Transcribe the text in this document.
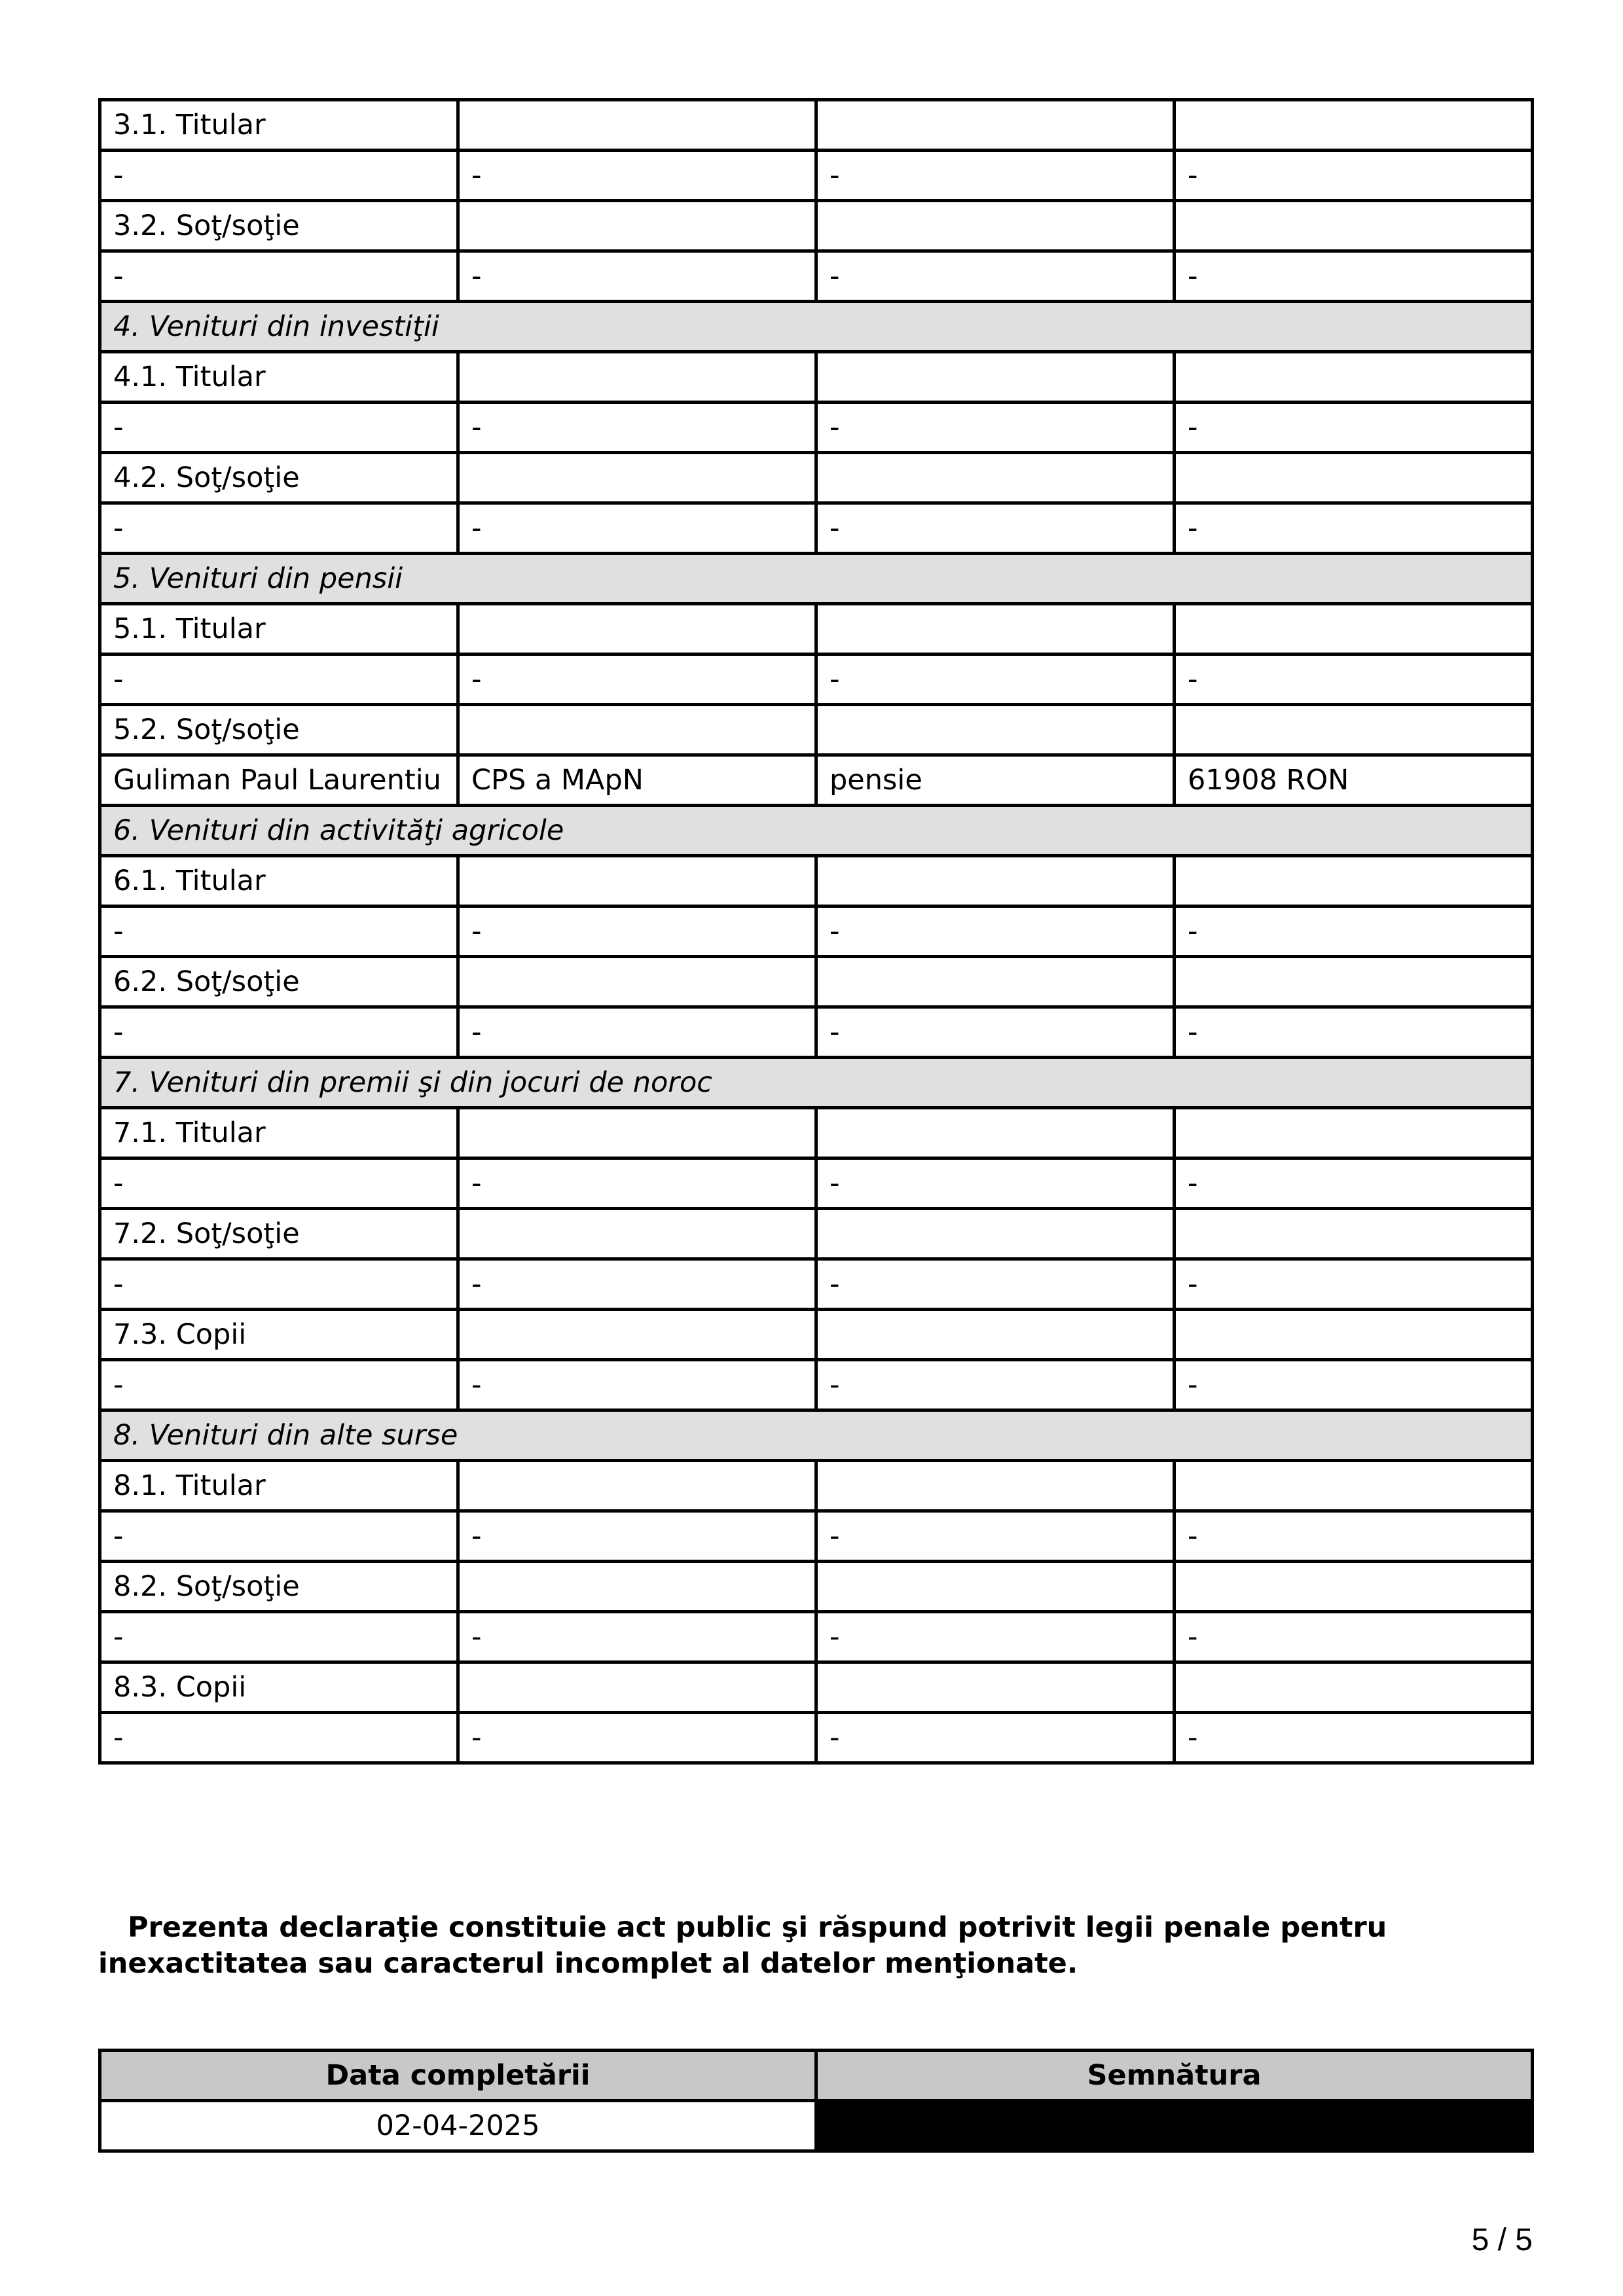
3.1. Titular			
-	-	-	-
3.2. Soţ/soţie			
-	-	-	-
4. Venituri din investiţii			
4.1. Titular			
-	-	-	-
4.2. Soţ/soţie			
-	-	-	-
5. Venituri din pensii			
5.1. Titular			
-	-	-	-
5.2. Soţ/soţie			
Guliman Paul Laurentiu	CPS a MApN	pensie	61908 RON
6. Venituri din activităţi agricole			
6.1. Titular			
-	-	-	-
6.2. Soţ/soţie			
-	-	-	-
7. Venituri din premii şi din jocuri de noroc			
7.1. Titular			
-	-	-	-
7.2. Soţ/soţie			
-	-	-	-
7.3. Copii			
-	-	-	-
8. Venituri din alte surse			
8.1. Titular			
-	-	-	-
8.2. Soţ/soţie			
-	-	-	-
8.3. Copii			
-	-	-	-

Prezenta declaraţie constituie act public şi răspund potrivit legii penale pentru inexactitatea sau caracterul incomplet al datelor menţionate.

Data completării	Semnătura
02-04-2025	
5 / 5
